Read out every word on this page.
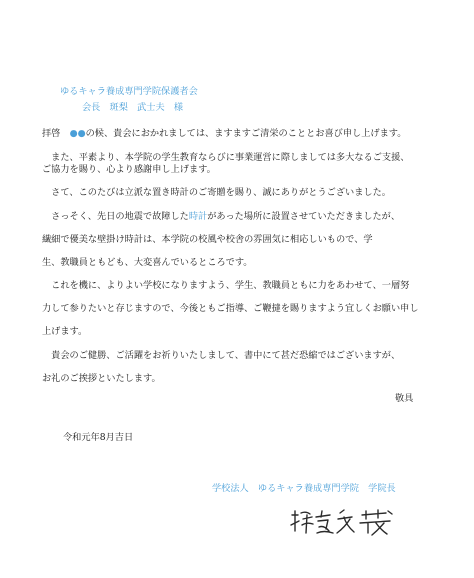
ゆるキャラ養成専門学院保護者会
会長　斑梨　武士夫　様
拝啓　●●の候、貴会におかれましては、ますますご清栄のこととお喜び申し上げます。
　また、平素より、本学院の学生教育ならびに事業運営に際しましては多大なるご支援、
ご協力を賜り、心より感謝申し上げます。
　さて、このたびは立派な置き時計のご寄贈を賜り、誠にありがとうございました。
　さっそく、先日の地震で故障した時計があった場所に設置させていただきましたが、
繊細で優美な壁掛け時計は、本学院の校風や校舎の雰囲気に相応しいもので、学
生、教職員ともども、大変喜んでいるところです。
　これを機に、よりよい学校になりますよう、学生、教職員ともに力をあわせて、一層努
力して参りたいと存じますので、今後ともご指導、ご鞭撻を賜りますよう宜しくお願い申し
上げます。
　貴会のご健勝、ご活躍をお祈りいたしまして、書中にて甚だ恐縮ではございますが、
お礼のご挨拶といたします。
敬具
令和元年8月吉日
学校法人　ゆるキャラ養成専門学院　学院長
